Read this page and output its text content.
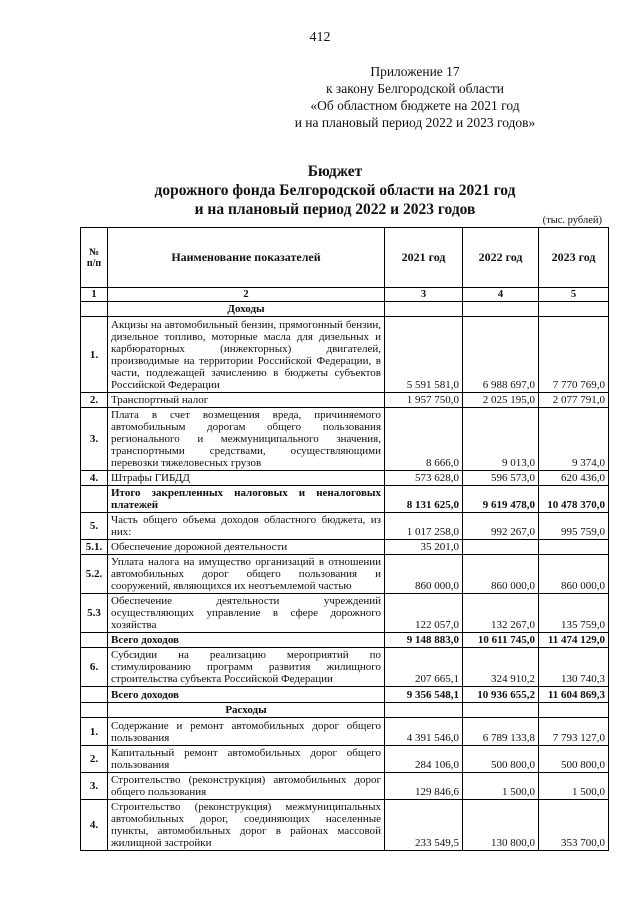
412
Приложение 17
к закону Белгородской области
«Об областном бюджете на 2021 год
и на плановый период 2022 и 2023 годов»
Бюджет
дорожного фонда Белгородской области на 2021 год
и на плановый период 2022 и 2023 годов
(тыс. рублей)
№ п/п	Наименование показателей	2021 год	2022 год	2023 год
1	2	3	4	5
	Доходы			
1.	Акцизы на автомобильный бензин, прямогонный бензин, дизельное топливо, моторные масла для дизельных и карбюраторных (инжекторных) двигателей, производимые на территории Российской Федерации, в части, подлежащей зачислению в бюджеты субъектов Российской Федерации	5 591 581,0	6 988 697,0	7 770 769,0
2.	Транспортный налог	1 957 750,0	2 025 195,0	2 077 791,0
3.	Плата в счет возмещения вреда, причиняемого автомобильным дорогам общего пользования регионального и межмуниципального значения, транспортными средствами, осуществляющими перевозки тяжеловесных грузов	8 666,0	9 013,0	9 374,0
4.	Штрафы ГИБДД	573 628,0	596 573,0	620 436,0
	Итого закрепленных налоговых и неналоговых платежей	8 131 625,0	9 619 478,0	10 478 370,0
5.	Часть общего объема доходов областного бюджета, из них:	1 017 258,0	992 267,0	995 759,0
5.1.	Обеспечение дорожной деятельности	35 201,0		
5.2.	Уплата налога на имущество организаций в отношении автомобильных дорог общего пользования и сооружений, являющихся их неотъемлемой частью	860 000,0	860 000,0	860 000,0
5.3	Обеспечение деятельности учреждений осуществляющих управление в сфере дорожного хозяйства	122 057,0	132 267,0	135 759,0
	Всего доходов	9 148 883,0	10 611 745,0	11 474 129,0
6.	Субсидии на реализацию мероприятий по стимулированию программ развития жилищного строительства субъекта Российской Федерации	207 665,1	324 910,2	130 740,3
	Всего доходов	9 356 548,1	10 936 655,2	11 604 869,3
	Расходы			
1.	Содержание и ремонт автомобильных дорог общего пользования	4 391 546,0	6 789 133,8	7 793 127,0
2.	Капитальный ремонт автомобильных дорог общего пользования	284 106,0	500 800,0	500 800,0
3.	Строительство (реконструкция) автомобильных дорог общего пользования	129 846,6	1 500,0	1 500,0
4.	Строительство (реконструкция) межмуниципальных автомобильных дорог, соединяющих населенные пункты, автомобильных дорог в районах массовой жилищной застройки	233 549,5	130 800,0	353 700,0
